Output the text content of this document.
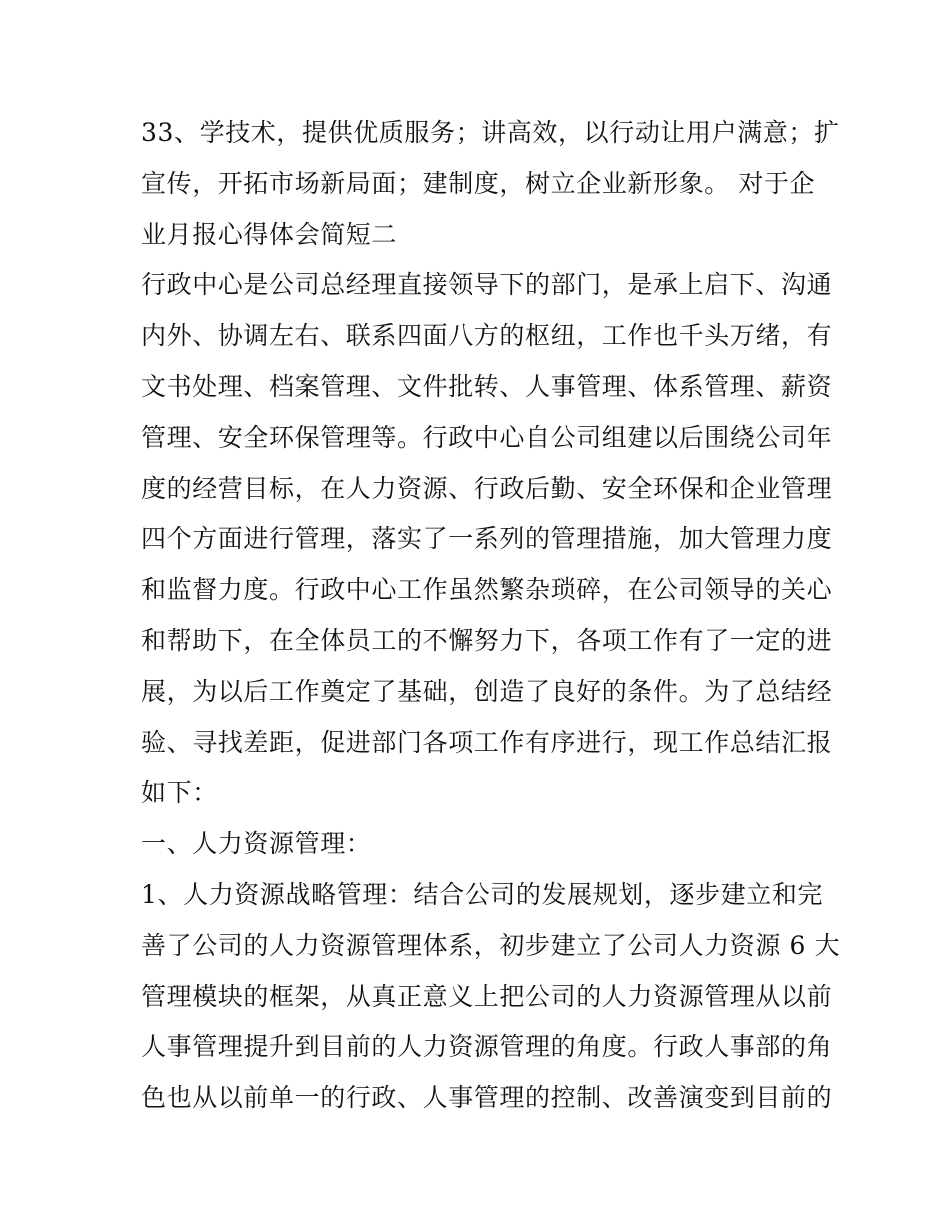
33、学技术，提供优质服务；讲高效，以行动让用户满意；扩
宣传，开拓市场新局面；建制度，树立企业新形象。 对于企
业月报心得体会简短二
行政中心是公司总经理直接领导下的部门，是承上启下、沟通
内外、协调左右、联系四面八方的枢纽，工作也千头万绪，有
文书处理、档案管理、文件批转、人事管理、体系管理、薪资
管理、安全环保管理等。行政中心自公司组建以后围绕公司年
度的经营目标，在人力资源、行政后勤、安全环保和企业管理
四个方面进行管理，落实了一系列的管理措施，加大管理力度
和监督力度。行政中心工作虽然繁杂琐碎，在公司领导的关心
和帮助下，在全体员工的不懈努力下，各项工作有了一定的进
展，为以后工作奠定了基础，创造了良好的条件。为了总结经
验、寻找差距，促进部门各项工作有序进行，现工作总结汇报
如下：
一、人力资源管理：
1、人力资源战略管理：结合公司的发展规划，逐步建立和完
善了公司的人力资源管理体系，初步建立了公司人力资源 6 大
管理模块的框架，从真正意义上把公司的人力资源管理从以前
人事管理提升到目前的人力资源管理的角度。行政人事部的角
色也从以前单一的行政、人事管理的控制、改善演变到目前的
